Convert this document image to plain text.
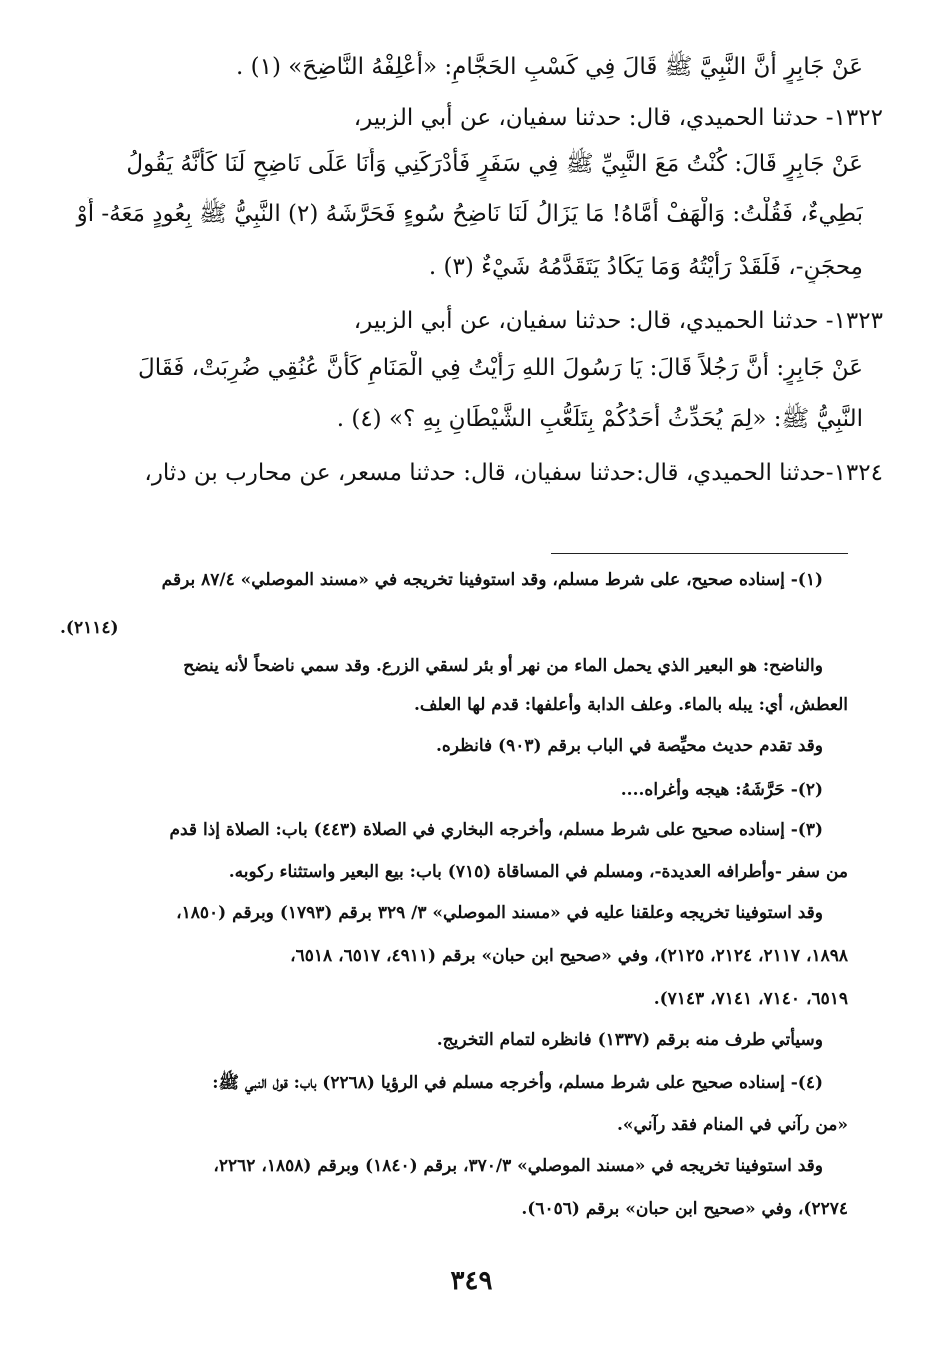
عَنْ جَابِرٍ أَنَّ النَّبِيَّ ﷺ قَالَ فِي كَسْبِ الحَجَّامِ: «أَعْلِفْهُ النَّاضِحَ» (١) .
١٣٢٢- حدثنا الحميدي، قال: حدثنا سفيان، عن أبي الزبير،
عَنْ جَابِرٍ قَالَ: كُنْتُ مَعَ النَّبِيِّ ﷺ فِي سَفَرٍ فَأَدْرَكَنِي وَأَنَا عَلَى نَاضِحٍ لَنَا كَأَنَّهُ يَقُولُ
بَطِيءٌ، فَقُلْتُ: وَالْهَفْ أُمَّاهُ! مَا يَزَالُ لَنَا نَاضِحُ سُوءٍ فَحَرَّشَهُ (٢) النَّبِيُّ ﷺ بِعُودٍ مَعَهُ- أَوْ
مِحجَنٍ-، فَلَقَدْ رَأَيْتُهُ وَمَا يَكَادُ يَتَقَدَّمُهُ شَيْءٌ (٣) .
١٣٢٣- حدثنا الحميدي، قال: حدثنا سفيان، عن أبي الزبير،
عَنْ جَابِرٍ: أَنَّ رَجُلاً قَالَ: يَا رَسُولَ اللهِ رَأَيْتُ فِي الْمَنَامِ كَأَنَّ عُنُقِي ضُرِبَتْ، فَقَالَ
النَّبِيُّ ﷺ: «لِمَ يُحَدِّثُ أَحَدُكُمْ بِتَلَعُّبِ الشَّيْطَانِ بِهِ ؟» (٤) .
١٣٢٤-حدثنا الحميدي، قال:حدثنا سفيان، قال: حدثنا مسعر، عن محارب بن دثار،
(١)- إسناده صحيح، على شرط مسلم، وقد استوفينا تخريجه في «مسند الموصلي» ٨٧/٤ برقم
(٢١١٤).
والناضح: هو البعير الذي يحمل الماء من نهر أو بئر لسقي الزرع. وقد سمي ناضحاً لأنه ينضح
العطش، أي: يبله بالماء. وعلف الدابة وأعلفها: قدم لها العلف.
وقد تقدم حديث محيِّصة في الباب برقم (٩٠٣) فانظره.
(٢)- حَرَّشَهُ: هيجه وأغراه....
(٣)- إسناده صحيح على شرط مسلم، وأخرجه البخاري في الصلاة (٤٤٣) باب: الصلاة إذا قدم
من سفر -وأطرافه العديدة-، ومسلم في المساقاة (٧١٥) باب: بيع البعير واستثناء ركوبه.
وقد استوفينا تخريجه وعلقنا عليه في «مسند الموصلي» ٣/ ٣٢٩ برقم (١٧٩٣) وبرقم (١٨٥٠،
١٨٩٨، ٢١١٧، ٢١٢٤، ٢١٢٥)، وفي «صحيح ابن حبان» برقم (٤٩١١، ٦٥١٧، ٦٥١٨،
٦٥١٩، ٧١٤٠، ٧١٤١، ٧١٤٣).
وسيأتي طرف منه برقم (١٣٣٧) فانظره لتمام التخريج.
(٤)- إسناده صحيح على شرط مسلم، وأخرجه مسلم في الرؤيا (٢٢٦٨) باب: قول النبي ﷺ:
«من رآني في المنام فقد رآني».
وقد استوفينا تخريجه في «مسند الموصلي» ٣٧٠/٣، برقم (١٨٤٠) وبرقم (١٨٥٨، ٢٢٦٢،
٢٢٧٤)، وفي «صحيح ابن حبان» برقم (٦٠٥٦).
٣٤٩
